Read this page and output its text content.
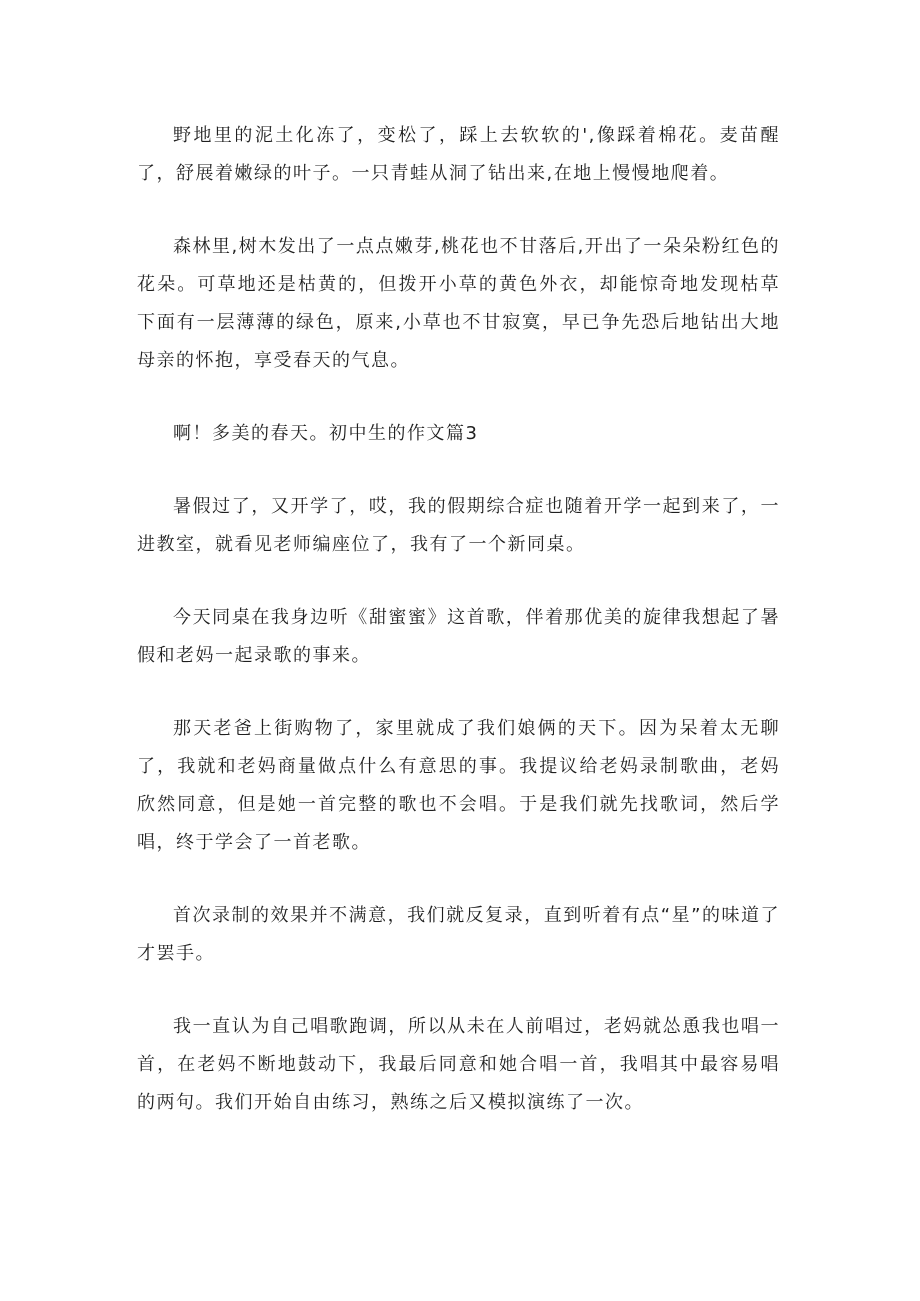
野地里的泥土化冻了，变松了，踩上去软软的',像踩着棉花。麦苗醒了，舒展着嫩绿的叶子。一只青蛙从洞了钻出来,在地上慢慢地爬着。

森林里,树木发出了一点点嫩芽,桃花也不甘落后,开出了一朵朵粉红色的花朵。可草地还是枯黄的，但拨开小草的黄色外衣，却能惊奇地发现枯草下面有一层薄薄的绿色，原来,小草也不甘寂寞，早已争先恐后地钻出大地母亲的怀抱，享受春天的气息。

啊！多美的春天。初中生的作文篇3

暑假过了，又开学了，哎，我的假期综合症也随着开学一起到来了，一进教室，就看见老师编座位了，我有了一个新同桌。

今天同桌在我身边听《甜蜜蜜》这首歌，伴着那优美的旋律我想起了暑假和老妈一起录歌的事来。

那天老爸上街购物了，家里就成了我们娘俩的天下。因为呆着太无聊了，我就和老妈商量做点什么有意思的事。我提议给老妈录制歌曲，老妈欣然同意，但是她一首完整的歌也不会唱。于是我们就先找歌词，然后学唱，终于学会了一首老歌。

首次录制的效果并不满意，我们就反复录，直到听着有点“星”的味道了才罢手。

我一直认为自己唱歌跑调，所以从未在人前唱过，老妈就怂恿我也唱一首，在老妈不断地鼓动下，我最后同意和她合唱一首，我唱其中最容易唱的两句。我们开始自由练习，熟练之后又模拟演练了一次。
